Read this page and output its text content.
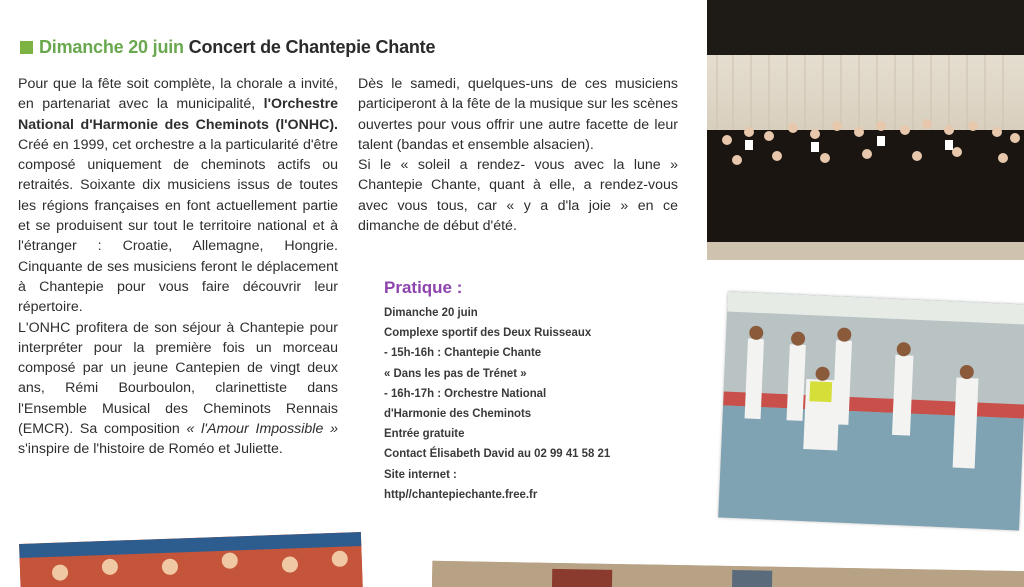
Dimanche 20 juin Concert de Chantepie Chante

Pour que la fête soit complète, la chorale a invité, en partenariat avec la municipalité, l'Orchestre National d'Harmonie des Cheminots (l'ONHC). Créé en 1999, cet orchestre a la particularité d'être composé uniquement de cheminots actifs ou retraités. Soixante dix musiciens issus de toutes les régions françaises en font actuellement partie et se produisent sur tout le territoire national et à l'étranger : Croatie, Allemagne, Hongrie. Cinquante de ses musiciens feront le déplacement à Chantepie pour vous faire découvrir leur répertoire.

L'ONHC profitera de son séjour à Chantepie pour interpréter pour la première fois un morceau composé par un jeune Cantepien de vingt deux ans, Rémi Bourboulon, clarinettiste dans l'Ensemble Musical des Cheminots Rennais (EMCR). Sa composition « l'Amour Impossible » s'inspire de l'histoire de Roméo et Juliette.

Dès le samedi, quelques-uns de ces musiciens participeront à la fête de la musique sur les scènes ouvertes pour vous offrir une autre facette de leur talent (bandas et ensemble alsacien).

Si le « soleil a rendez- vous avec la lune » Chantepie Chante, quant à elle, a rendez-vous avec vous tous, car « y a d'la joie » en ce dimanche de début d'été.

Pratique :
Dimanche 20 juin
Complexe sportif des Deux Ruisseaux
- 15h-16h : Chantepie Chante
« Dans les pas de Trénet »
- 16h-17h : Orchestre National
d'Harmonie des Cheminots
Entrée gratuite
Contact Élisabeth David au 02 99 41 58 21
Site internet :
http//chantepiechante.free.fr
